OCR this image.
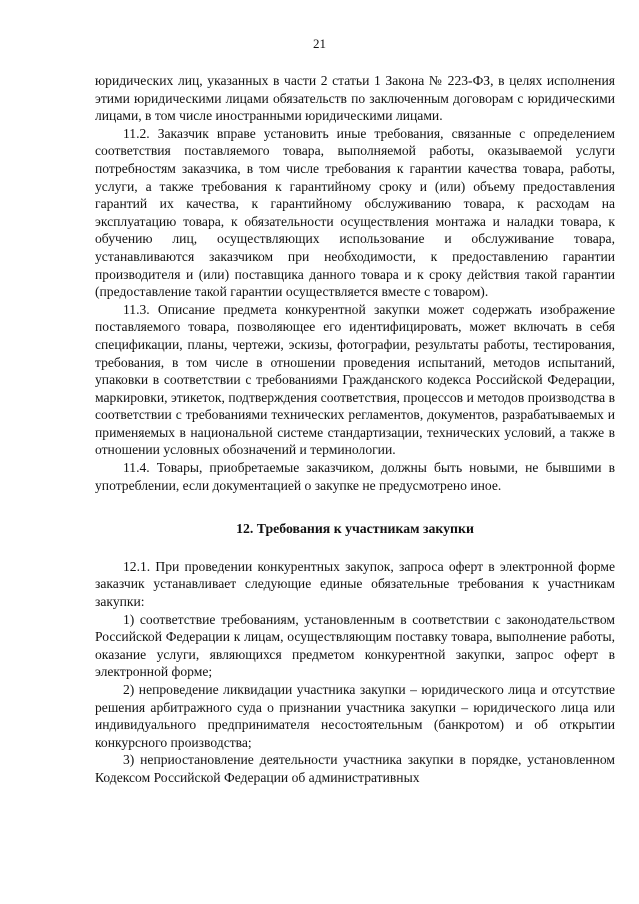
21

юридических лиц, указанных в части 2 статьи 1 Закона № 223-ФЗ, в целях исполнения этими юридическими лицами обязательств по заключенным договорам с юридическими лицами, в том числе иностранными юридическими лицами.

11.2. Заказчик вправе установить иные требования, связанные с определением соответствия поставляемого товара, выполняемой работы, оказываемой услуги потребностям заказчика, в том числе требования к гарантии качества товара, работы, услуги, а также требования к гарантийному сроку и (или) объему предоставления гарантий их качества, к гарантийному обслуживанию товара, к расходам на эксплуатацию товара, к обязательности осуществления монтажа и наладки товара, к обучению лиц, осуществляющих использование и обслуживание товара, устанавливаются заказчиком при необходимости, к предоставлению гарантии производителя и (или) поставщика данного товара и к сроку действия такой гарантии (предоставление такой гарантии осуществляется вместе с товаром).

11.3. Описание предмета конкурентной закупки может содержать изображение поставляемого товара, позволяющее его идентифицировать, может включать в себя спецификации, планы, чертежи, эскизы, фотографии, результаты работы, тестирования, требования, в том числе в отношении проведения испытаний, методов испытаний, упаковки в соответствии с требованиями Гражданского кодекса Российской Федерации, маркировки, этикеток, подтверждения соответствия, процессов и методов производства в соответствии с требованиями технических регламентов, документов, разрабатываемых и применяемых в национальной системе стандартизации, технических условий, а также в отношении условных обозначений и терминологии.

11.4. Товары, приобретаемые заказчиком, должны быть новыми, не бывшими в употреблении, если документацией о закупке не предусмотрено иное.

12. Требования к участникам закупки

12.1. При проведении конкурентных закупок, запроса оферт в электронной форме заказчик устанавливает следующие единые обязательные требования к участникам закупки:

1) соответствие требованиям, установленным в соответствии с законодательством Российской Федерации к лицам, осуществляющим поставку товара, выполнение работы, оказание услуги, являющихся предметом конкурентной закупки, запрос оферт в электронной форме;

2) непроведение ликвидации участника закупки – юридического лица и отсутствие решения арбитражного суда о признании участника закупки – юридического лица или индивидуального предпринимателя несостоятельным (банкротом) и об открытии конкурсного производства;

3) неприостановление деятельности участника закупки в порядке, установленном Кодексом Российской Федерации об административных
